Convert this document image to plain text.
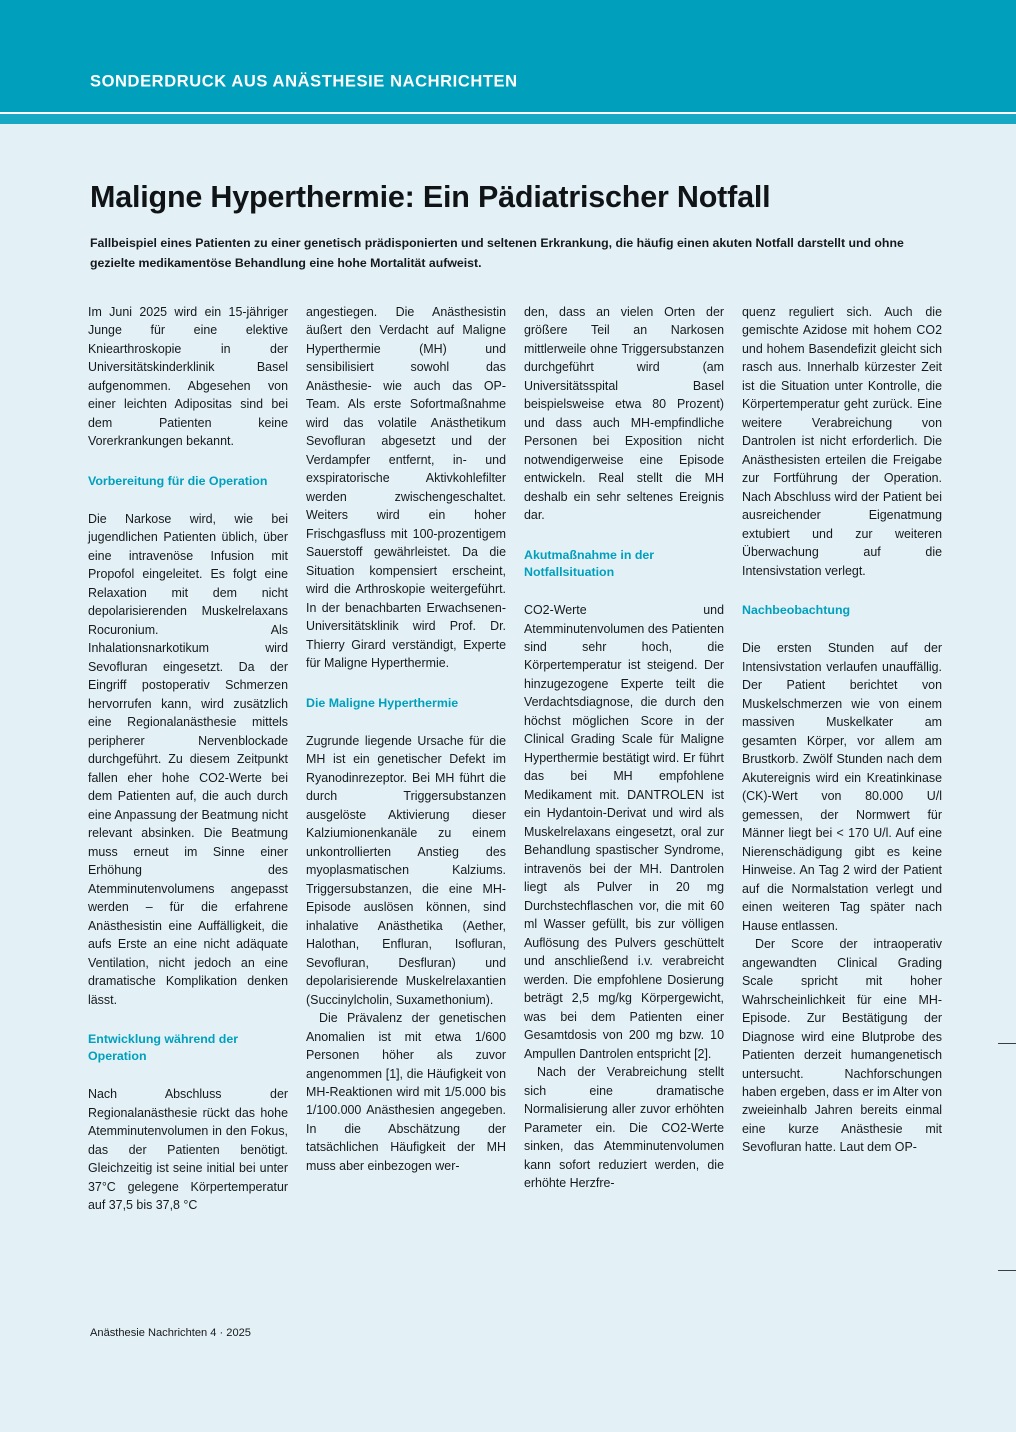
SONDERDRUCK AUS ANÄSTHESIE NACHRICHTEN
Maligne Hyperthermie: Ein Pädiatrischer Notfall

Fallbeispiel eines Patienten zu einer genetisch prädisponierten und seltenen Erkrankung, die häufig einen akuten Notfall darstellt und ohne gezielte medikamentöse Behandlung eine hohe Mortalität aufweist.

Im Juni 2025 wird ein 15-jähriger Junge für eine elektive Kniearthroskopie in der Universitätskinderklinik Basel aufgenommen. Abgesehen von einer leichten Adipositas sind bei dem Patienten keine Vorerkrankungen bekannt.

Vorbereitung für die Operation

Die Narkose wird, wie bei jugendlichen Patienten üblich, über eine intravenöse Infusion mit Propofol eingeleitet. Es folgt eine Relaxation mit dem nicht depolarisierenden Muskelrelaxans Rocuronium. Als Inhalationsnarkotikum wird Sevofluran eingesetzt. Da der Eingriff postoperativ Schmerzen hervorrufen kann, wird zusätzlich eine Regionalanästhesie mittels peripherer Nervenblockade durchgeführt. Zu diesem Zeitpunkt fallen eher hohe CO2-Werte bei dem Patienten auf, die auch durch eine Anpassung der Beatmung nicht relevant absinken. Die Beatmung muss erneut im Sinne einer Erhöhung des Atemminutenvolumens angepasst werden – für die erfahrene Anästhesistin eine Auffälligkeit, die aufs Erste an eine nicht adäquate Ventilation, nicht jedoch an eine dramatische Komplikation denken lässt.

Entwicklung während der Operation

Nach Abschluss der Regionalanästhesie rückt das hohe Atemminutenvolumen in den Fokus, das der Patienten benötigt. Gleichzeitig ist seine initial bei unter 37°C gelegene Körpertemperatur auf 37,5 bis 37,8 °C

angestiegen. Die Anästhesistin äußert den Verdacht auf Maligne Hyperthermie (MH) und sensibilisiert sowohl das Anästhesie- wie auch das OP-Team. Als erste Sofortmaßnahme wird das volatile Anästhetikum Sevofluran abgesetzt und der Verdampfer entfernt, in- und exspiratorische Aktivkohlefilter werden zwischengeschaltet. Weiters wird ein hoher Frischgasfluss mit 100-prozentigem Sauerstoff gewährleistet. Da die Situation kompensiert erscheint, wird die Arthroskopie weitergeführt. In der benachbarten Erwachsenen-Universitätsklinik wird Prof. Dr. Thierry Girard verständigt, Experte für Maligne Hyperthermie.

Die Maligne Hyperthermie

Zugrunde liegende Ursache für die MH ist ein genetischer Defekt im Ryanodinrezeptor. Bei MH führt die durch Triggersubstanzen ausgelöste Aktivierung dieser Kalziumionenkanäle zu einem unkontrollierten Anstieg des myoplasmatischen Kalziums. Triggersubstanzen, die eine MH-Episode auslösen können, sind inhalative Anästhetika (Aether, Halothan, Enfluran, Isofluran, Sevofluran, Desfluran) und depolarisierende Muskelrelaxantien (Succinylcholin, Suxamethonium).

Die Prävalenz der genetischen Anomalien ist mit etwa 1/600 Personen höher als zuvor angenommen [1], die Häufigkeit von MH-Reaktionen wird mit 1/5.000 bis 1/100.000 Anästhesien angegeben. In die Abschätzung der tatsächlichen Häufigkeit der MH muss aber einbezogen wer-

den, dass an vielen Orten der größere Teil an Narkosen mittlerweile ohne Triggersubstanzen durchgeführt wird (am Universitätsspital Basel beispielsweise etwa 80 Prozent) und dass auch MH-empfindliche Personen bei Exposition nicht notwendigerweise eine Episode entwickeln. Real stellt die MH deshalb ein sehr seltenes Ereignis dar.

Akutmaßnahme in der Notfallsituation

CO2-Werte und Atemminutenvolumen des Patienten sind sehr hoch, die Körpertemperatur ist steigend. Der hinzugezogene Experte teilt die Verdachtsdiagnose, die durch den höchst möglichen Score in der Clinical Grading Scale für Maligne Hyperthermie bestätigt wird. Er führt das bei MH empfohlene Medikament mit. DANTROLEN ist ein Hydantoin-Derivat und wird als Muskelrelaxans eingesetzt, oral zur Behandlung spastischer Syndrome, intravenös bei der MH. Dantrolen liegt als Pulver in 20 mg Durchstechflaschen vor, die mit 60 ml Wasser gefüllt, bis zur völligen Auflösung des Pulvers geschüttelt und anschließend i.v. verabreicht werden. Die empfohlene Dosierung beträgt 2,5 mg/kg Körpergewicht, was bei dem Patienten einer Gesamtdosis von 200 mg bzw. 10 Ampullen Dantrolen entspricht [2].

Nach der Verabreichung stellt sich eine dramatische Normalisierung aller zuvor erhöhten Parameter ein. Die CO2-Werte sinken, das Atemminutenvolumen kann sofort reduziert werden, die erhöhte Herzfre-

quenz reguliert sich. Auch die gemischte Azidose mit hohem CO2 und hohem Basendefizit gleicht sich rasch aus. Innerhalb kürzester Zeit ist die Situation unter Kontrolle, die Körpertemperatur geht zurück. Eine weitere Verabreichung von Dantrolen ist nicht erforderlich. Die Anästhesisten erteilen die Freigabe zur Fortführung der Operation. Nach Abschluss wird der Patient bei ausreichender Eigenatmung extubiert und zur weiteren Überwachung auf die Intensivstation verlegt.

Nachbeobachtung

Die ersten Stunden auf der Intensivstation verlaufen unauffällig. Der Patient berichtet von Muskelschmerzen wie von einem massiven Muskelkater am gesamten Körper, vor allem am Brustkorb. Zwölf Stunden nach dem Akutereignis wird ein Kreatinkinase (CK)-Wert von 80.000 U/l gemessen, der Normwert für Männer liegt bei < 170 U/l. Auf eine Nierenschädigung gibt es keine Hinweise. An Tag 2 wird der Patient auf die Normalstation verlegt und einen weiteren Tag später nach Hause entlassen.

Der Score der intraoperativ angewandten Clinical Grading Scale spricht mit hoher Wahrscheinlichkeit für eine MH-Episode. Zur Bestätigung der Diagnose wird eine Blutprobe des Patienten derzeit humangenetisch untersucht. Nachforschungen haben ergeben, dass er im Alter von zweieinhalb Jahren bereits einmal eine kurze Anästhesie mit Sevofluran hatte. Laut dem OP-

Anästhesie Nachrichten 4 · 2025
